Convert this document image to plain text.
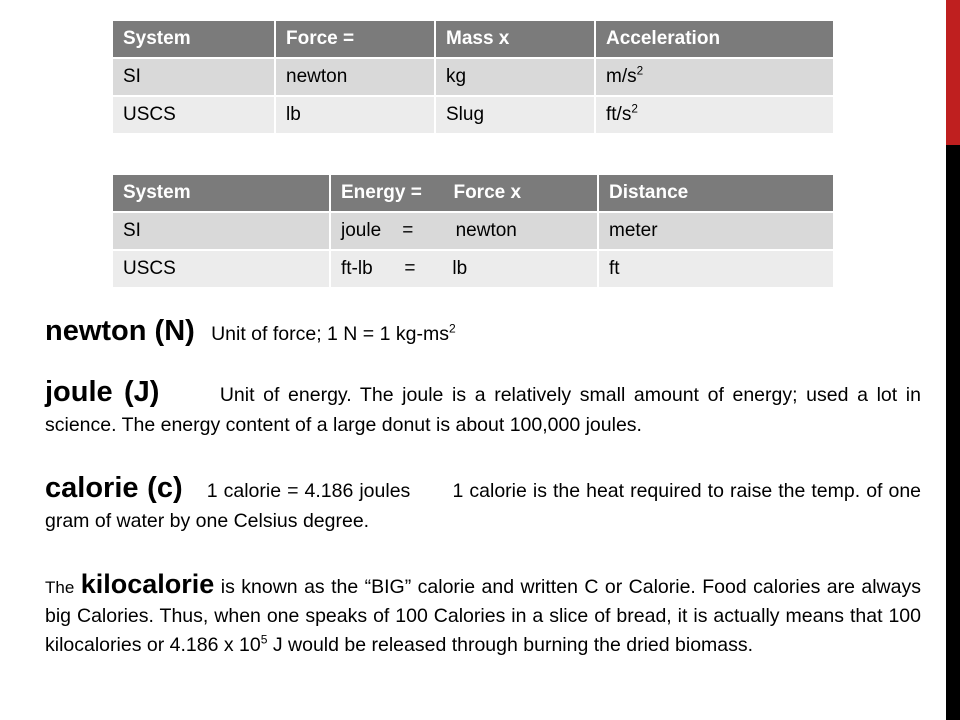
System	Force =	Mass x	Acceleration
SI	newton	kg	$m/s^2$
USCS	lb	Slug	$ft/s^2$
System	Energy =      Force x	Distance
SI	joule    =        newton	meter
USCS	ft-lb      =       lb	ft
newton (N) Unit of force; 1 N = 1 $kg-ms^2$
joule (J)	Unit of energy. The joule is a relatively small amount of energy; used a lot in science. The energy content of a large donut is about 100,000 joules.
calorie (c) 1 calorie = 4.186 joules 1 calorie is the heat required to raise the temp. of one gram of water by one Celsius degree.
The kilocalorie is known as the “BIG” calorie and written C or Calorie. Food calories are always big Calories. Thus, when one speaks of 100 Calories in a slice of bread, it is actually means that 100 kilocalories or 4.186 x $10^5$ J would be released through burning the dried biomass.
